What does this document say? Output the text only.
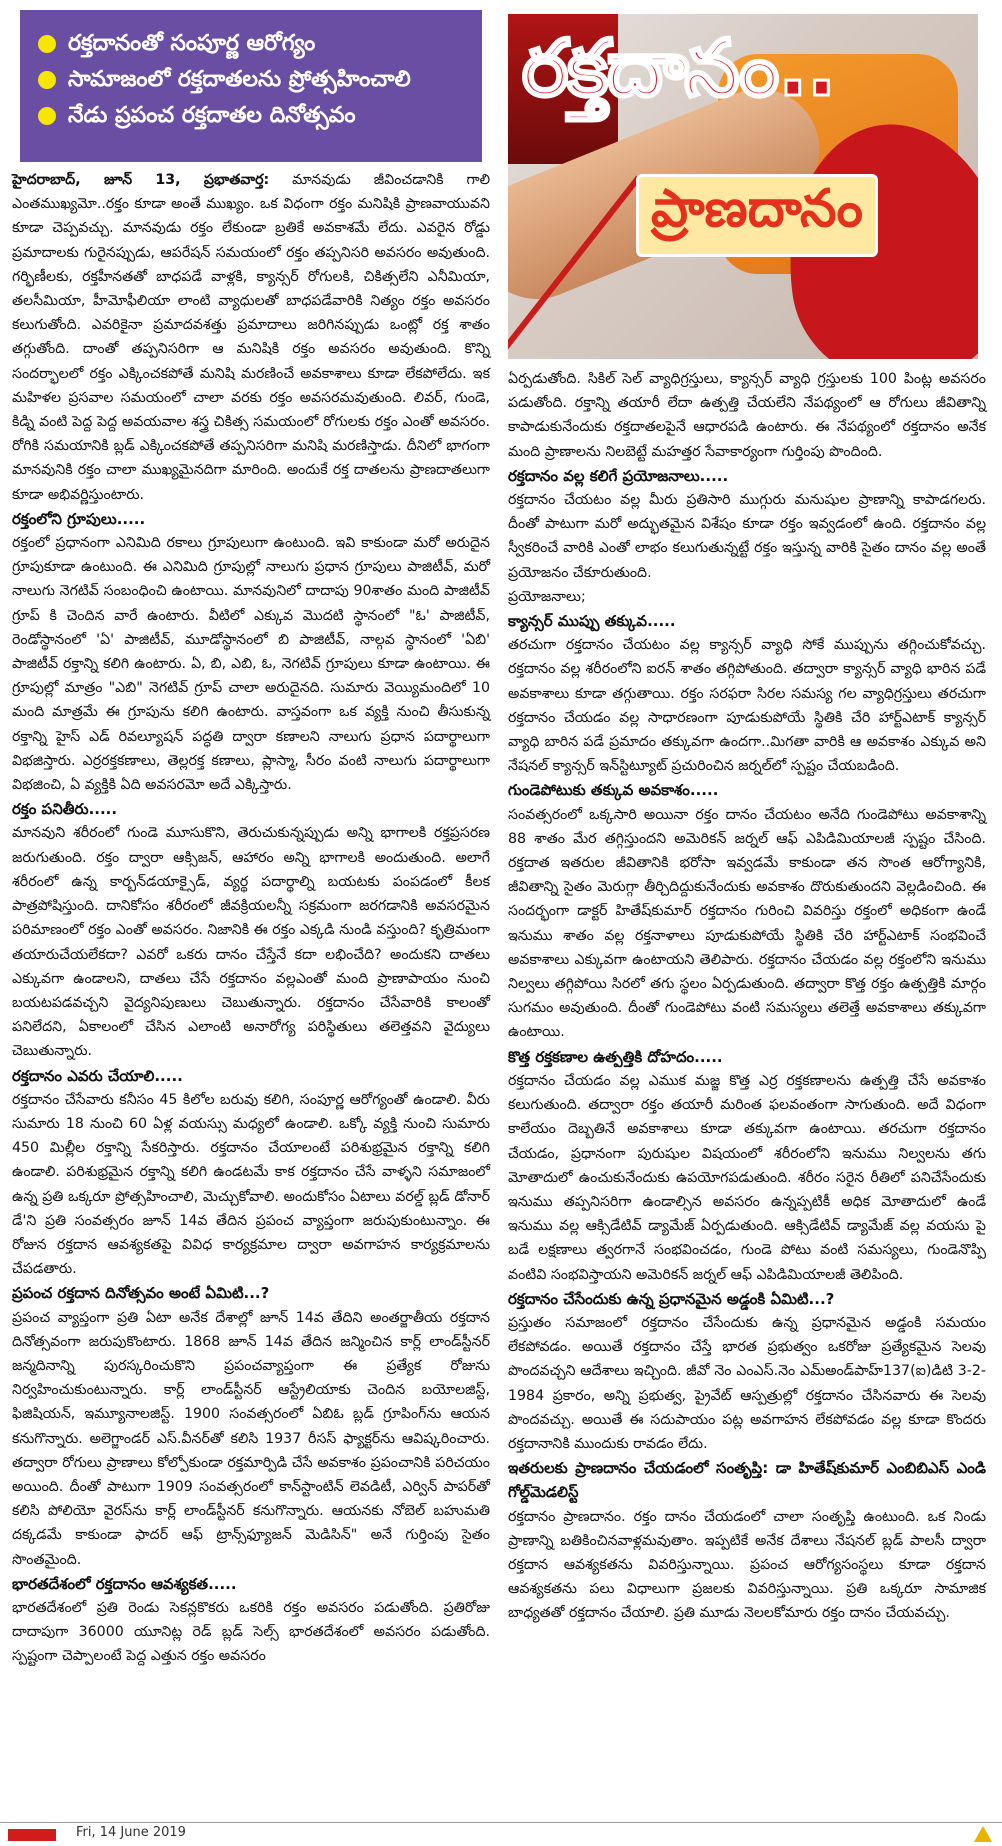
రక్తదానంతో సంపూర్ణ ఆరోగ్యం
సామాజంలో రక్తదాతలను ప్రోత్సహించాలి
నేడు ప్రపంచ రక్తదాతల దినోత్సవం

హైదరాబాద్, జూన్ 13, ప్రభాతవార్త: మానవుడు జీవించడానికి గాలి ఎంతముఖ్యమో..రక్తం కూడా అంతే ముఖ్యం. ఒక విధంగా రక్తం మనిషికి ప్రాణవాయువని కూడా చెప్పవచ్చు. మానవుడు రక్తం లేకుండా బ్రతికే అవకాశమే లేదు. ఎవరైన రోడ్డు ప్రమాదాలకు గురైనప్పుడు, ఆపరేషన్ సమయంలో రక్తం తప్పనిసరి అవసరం అవుతుంది. గర్భిణీలకు, రక్తహీనతతో బాధపడే వాళ్లకి, క్యాన్సర్ రోగులకి, చికిత్సలేని ఎనీమియా, తలసీమియా, హీమోఫీలియా లాంటి వ్యాధులతో బాధపడేవారికి నిత్యం రక్తం అవసరం కలుగుతోంది. ఎవరికైనా ప్రమాదవశత్తు ప్రమాదాలు జరిగినప్పుడు ఒంట్లో రక్త శాతం తగ్గుతోంది. దాంతో తప్పనిసరిగా ఆ మనిషికి రక్తం అవసరం అవుతుంది. కొన్ని సందర్భాలలో రక్తం ఎక్కించకపోతే మనిషి మరణించే అవకాశాలు కూడా లేకపోలేదు. ఇక మహిళల ప్రసవాల సమయంలో చాలా వరకు రక్తం అవసరమవుతుంది. లివర్, గుండె, కిడ్ని వంటి పెద్ద పెద్ద అవయవాల శస్త్ర చికిత్స సమయంలో రోగులకు రక్తం ఎంతో అవసరం. రోగికి సమయానికి బ్లడ్ ఎక్కించకపోతే తప్పనిసరిగా మనిషి మరణిస్తాడు. దీనిలో భాగంగా మానవునికి రక్తం చాలా ముఖ్యమైనదిగా మారింది. అందుకే రక్త దాతలను ప్రాణదాతలుగా కూడా అభివర్ణిస్తుంటారు.

రక్తంలోని గ్రూపులు.....

రక్తంలో ప్రధానంగా ఎనిమిది రకాలు గ్రూపులుగా ఉంటుంది. ఇవి కాకుండా మరో అరుదైన గ్రూపుకూడా ఉంటుంది. ఈ ఎనిమిది గ్రూపుల్లో నాలుగు ప్రధాన గ్రూపులు పాజిటీవ్, మరో నాలుగు నెగటివ్ సంబంధించి ఉంటాయి. మానవునిలో దాదాపు 90శాతం మంది పాజిటీవ్ గ్రూప్ కి చెందిన వారే ఉంటారు. వీటిలో ఎక్కువ మొదటి స్థానంలో "ఓ' పాజిటీవ్, రెండోస్థానంలో 'ఏ' పాజిటీవ్, మూడోస్థానంలో బి పాజిటీవ్, నాల్గవ స్థానంలో 'ఏబి' పాజిటీవ్ రక్తాన్ని కలిగి ఉంటారు. ఏ, బి, ఎబి, ఓ, నెగటివ్ గ్రూపులు కూడా ఉంటాయి. ఈ గ్రూపుల్లో మాత్రం "ఎబి" నెగటివ్ గ్రూప్ చాలా అరుదైనది. సుమారు వెయ్యిమందిలో 10 మంది మాత్రమే ఈ గ్రూపును కలిగి ఉంటారు. వాస్తవంగా ఒక వ్యక్తి నుంచి తీసుకున్న రక్తాన్ని హైస్ ఎడ్ రివల్యూషన్ పద్ధతి ద్వారా కణాలని నాలుగు ప్రధాన పదార్థాలుగా విభజిస్తారు. ఎర్రరక్తకణాలు, తెల్లరక్త కణాలు, ప్లాస్మా, సీరం వంటి నాలుగు పదార్థాలుగా విభజించి, ఏ వ్యక్తికి ఏది అవసరమో అదే ఎక్కిస్తారు.

రక్తం పనితీరు.....

మానవుని శరీరంలో గుండె మూసుకొని, తెరుచుకున్నప్పుడు అన్ని భాగాలకి రక్తప్రసరణ జరుగుతుంది. రక్తం ద్వారా ఆక్సిజన్, ఆహారం అన్ని భాగాలకి అందుతుంది. అలాగే శరీరంలో ఉన్న కార్బన్‌డయాక్సైడ్, వ్యర్థ పదార్థాల్ని బయటకు పంపడంలో కీలక పాత్రపోషిస్తుంది. దానికోసం శరీరంలో జీవక్రియలన్నీ సక్రమంగా జరగడానికి అవసరమైన పరిమాణంలో రక్తం ఎంతో అవసరం. నిజానికి ఈ రక్తం ఎక్కడి నుండి వస్తుంది? కృత్రిమంగా తయారుచేయలేకదా? ఎవరో ఒకరు దానం చేస్తేనే కదా లభించేది? అందుకని దాతలు ఎక్కువగా ఉండాలని, దాతలు చేసే రక్తదానం వల్లఎంతో మంది ప్రాణాపాయం నుంచి బయటపడవచ్చని వైద్యనిపుణులు చెబుతున్నారు. రక్తదానం చేసేవారికి కాలంతో పనిలేదని, ఏకాలంలో చేసిన ఎలాంటి అనారోగ్య పరిస్థితులు తలెత్తవని వైద్యులు చెబుతున్నారు.

రక్తదానం ఎవరు చేయాలి.....

రక్తదానం చేసేవారు కనీసం 45 కిలోల బరువు కలిగి, సంపూర్ణ ఆరోగ్యంతో ఉండాలి. వీరు సుమారు 18 నుంచి 60 ఏళ్ల వయస్సు మధ్యలో ఉండాలి. ఒక్కో వ్యక్తి నుంచి సుమారు 450 మిల్లీల రక్తాన్ని సేకరిస్తారు. రక్తదానం చేయాలంటే పరిశుభ్రమైన రక్తాన్ని కలిగి ఉండాలి. పరిశుభ్రమైన రక్తాన్ని కలిగి ఉండటమే కాక రక్తదానం చేసే వాళ్ళని సమాజంలో ఉన్న ప్రతి ఒక్కరూ ప్రోత్సహించాలి, మెచ్చుకోవాలి. అందుకోసం ఏటాలు వరల్డ్ బ్లడ్ డోనార్ డే'ని ప్రతి సంవత్సరం జూన్ 14వ తేదిన ప్రపంచ వ్యాప్తంగా జరుపుకుంటున్నాం. ఈ రోజున రక్తదాన ఆవశ్యకతపై వివిధ కార్యక్రమాల ద్వారా అవగాహన కార్యక్రమాలను చేపడతారు.

ప్రపంచ రక్తదాన దినోత్సవం అంటే ఏమిటి...?

ప్రపంచ వ్యాప్తంగా ప్రతి ఏటా అనేక దేశాల్లో జూన్ 14వ తేదిని అంతర్జాతీయ రక్తదాన దినోత్సవంగా జరుపుకొంటారు. 1868 జూన్ 14వ తేదిన జన్మించిన కార్ల్ లాండ్‌స్టీనర్ జన్మదినాన్ని పురస్కరించుకొని ప్రపంచవ్యాప్తంగా ఈ ప్రత్యేక రోజును నిర్వహించుకుంటున్నారు. కార్ల్ లాండ్‌స్టీనర్ ఆస్ట్రేలియాకు చెందిన బయోలజిస్ట్, ఫిజిషియన్, ఇమ్యూనాలజిస్ట్. 1900 సంవత్సరంలో ఏబిఓ బ్లడ్ గ్రూపింగ్‌ను ఆయన కనుగొన్నారు. అలెగ్జాండర్ ఎస్.వీనర్‌తో కలిసి 1937 రీసస్ ఫ్యాక్టర్‌ను ఆవిష్కరించారు. తద్వారా రోగులు ప్రాణాలు కోల్పోకుండా రక్తమార్పిడి చేసే అవకాశం ప్రపంచానికి పరిచయం అయింది. దీంతో పాటుగా 1909 సంవత్సరంలో కాన్‌స్టాంటిన్ లెవడిటీ, ఎర్విన్ పాపర్‌తో కలిసి పోలియో వైరస్‌ను కార్ల్ లాండ్‌స్టీనర్ కనుగొన్నారు. ఆయనకు నోబెల్ బహుమతి దక్కడమే కాకుండా ఫాదర్ ఆఫ్ ట్రాన్స్‌ఫ్యూజన్ మెడిసిన్" అనే గుర్తింపు సైతం సొంతమైంది.

భారతదేశంలో రక్తదానం ఆవశ్యకత.....

భారతదేశంలో ప్రతి రెండు సెకన్లకొకరు ఒకరికి రక్తం అవసరం పడుతోంది. ప్రతిరోజు దాదాపుగా 36000 యూనిట్ల రెడ్ బ్లడ్ సెల్స్ భారతదేశంలో అవసరం పడుతోంది. స్పష్టంగా చెప్పాలంటే పెద్ద ఎత్తున రక్తం అవసరం

రక్తదానం..
ప్రాణదానం

ఏర్పడుతోంది. సికిల్ సెల్ వ్యాధిగ్రస్తులు, క్యాన్సర్ వ్యాధి గ్రస్తులకు 100 పింట్ల అవసరం పడుతోంది. రక్తాన్ని తయారీ లేదా ఉత్పత్తి చేయలేని నేపథ్యంలో ఆ రోగులు జీవితాన్ని కాపాడుకునేందుకు రక్తదాతలపైనే ఆధారపడి ఉంటారు. ఈ నేపథ్యంలో రక్తదానం అనేక మంది ప్రాణాలను నిలబెట్టే మహత్తర సేవాకార్యంగా గుర్తింపు పొందింది.

రక్తదానం వల్ల కలిగే ప్రయోజనాలు.....

రక్తదానం చేయటం వల్ల మీరు ప్రతిసారి ముగ్గురు మనుషుల ప్రాణాన్ని కాపాడగలరు. దీంతో పాటుగా మరో అద్భుతమైన విశేషం కూడా రక్తం ఇవ్వడంలో ఉంది. రక్తదానం వల్ల స్వీకరించే వారికి ఎంతో లాభం కలుగుతున్నట్టే రక్తం ఇస్తున్న వారికి సైతం దానం వల్ల అంతే ప్రయోజనం చేకూరుతుంది.

ప్రయోజనాలు;

క్యాన్సర్ ముప్పు తక్కువ.....

తరచుగా రక్తదానం చేయటం వల్ల క్యాన్సర్ వ్యాధి సోకే ముప్పును తగ్గించుకోవచ్చు. రక్తదానం వల్ల శరీరంలోని ఐరన్ శాతం తగ్గిపోతుంది. తద్వారా క్యాన్సర్ వ్యాధి భారిన పడే అవకాశాలు కూడా తగ్గుతాయి. రక్తం సరఫరా సిరల సమస్య గల వ్యాధిగ్రస్తులు తరచుగా రక్తదానం చేయడం వల్ల సాధారణంగా పూడుకుపోయే స్థితికి చేరి హార్ట్‌ఎటాక్ క్యాన్సర్ వ్యాధి బారిన పడే ప్రమాదం తక్కువగా ఉందగా..మిగతా వారికి ఆ అవకాశం ఎక్కువ అని నేషనల్ క్యాన్సర్ ఇన్‌స్టిట్యూట్ ప్రచురించిన జర్నల్‌లో స్పష్టం చేయబడింది.

గుండెపోటుకు తక్కువ అవకాశం.....

సంవత్సరంలో ఒక్కసారి అయినా రక్తం దానం చేయటం అనేది గుండెపోటు అవకాశాన్ని 88 శాతం మేర తగ్గిస్తుందని అమెరికన్ జర్నల్ ఆఫ్ ఎపిడిమియాలజీ స్పష్టం చేసింది. రక్తదాత ఇతరుల జీవితానికి భరోసా ఇవ్వడమే కాకుండా తన సొంత ఆరోగ్యానికి, జీవితాన్ని సైతం మెరుగ్గా తీర్చిదిద్దుకునేందుకు అవకాశం దొరుకుతుందని వెల్లడించింది. ఈ సందర్భంగా డాక్టర్ హితేష్‌కుమార్ రక్తదానం గురించి వివరిస్తు రక్తంలో అధికంగా ఉండే ఇనుము శాతం వల్ల రక్తనాళాలు పూడుకుపోయే స్థితికి చేరి హార్ట్‌ఎటాక్ సంభవించే అవకాశాలు ఎక్కువగా ఉంటాయని తెలిపారు. రక్తదానం చేయడం వల్ల రక్తంలోని ఇనుము నిల్వలు తగ్గిపోయి సిరలో తగు స్థలం ఏర్పడుతుంది. తద్వారా కొత్త రక్తం ఉత్పత్తికి మార్గం సుగమం అవుతుంది. దీంతో గుండెపోటు వంటి సమస్యలు తలెత్తే అవకాశాలు తక్కువగా ఉంటాయి.

కొత్త రక్తకణాల ఉత్పత్తికి దోహదం.....

రక్తదానం చేయడం వల్ల ఎముక మజ్జ కొత్త ఎర్ర రక్తకణాలను ఉత్పత్తి చేసే అవకాశం కలుగుతుంది. తద్వారా రక్తం తయారీ మరింత ఫలవంతంగా సాగుతుంది. అదే విధంగా కాలేయం దెబ్బతినే అవకాశాలు కూడా తక్కువగా ఉంటాయి. తరచుగా రక్తదానం చేయడం, ప్రధానంగా పురుషుల విషయంలో శరీరంలోని ఇనుము నిల్వలను తగు మోతాదులో ఉంచుకునేందుకు ఉపయోగపడుతుంది. శరీరం సరైన రీతిలో పనిచేసేందుకు ఇనుము తప్పనిసరిగా ఉండాల్సిన అవసరం ఉన్నప్పటికీ అధిక మోతాదులో ఉండే ఇనుము వల్ల ఆక్సిడేటివ్ డ్యామేజ్ ఏర్పడుతుంది. ఆక్సిడేటివ్ డ్యామేజ్ వల్ల వయసు పై బడే లక్షణాలు త్వరగానే సంభవించడం, గుండె పోటు వంటి సమస్యలు, గుండెనొప్పి వంటివి సంభవిస్తాయని అమెరికన్ జర్నల్ ఆఫ్ ఎపిడిమియాలజీ తెలిపింది.

రక్తదానం చేసేందుకు ఉన్న ప్రధానమైన అడ్డంకి ఏమిటి...?

ప్రస్తుతం సమాజంలో రక్తదానం చేసేందుకు ఉన్న ప్రధానమైన అడ్డంకి సమయం లేకపోవడం. అయితే రక్తదానం చేస్తే భారత ప్రభుత్వం ఒకరోజు ప్రత్యేకమైన సెలవు పొందవచ్చని ఆదేశాలు ఇచ్చింది. జీవో నెం ఎంఎస్.నెం ఎమ్‌అండ్‌పాహ్137(ఐ)డిటి 3-2-1984 ప్రకారం, అన్ని ప్రభుత్వ, ప్రైవేట్ ఆస్పత్రుల్లో రక్తదానం చేసినవారు ఈ సెలవు పొందవచ్చు. అయితే ఈ సదుపాయం పట్ల అవగాహన లేకపోవడం వల్ల కూడా కొందరు రక్తదానానికి ముందుకు రావడం లేదు.

ఇతరులకు ప్రాణదానం చేయడంలో సంతృప్తి: డా హితేష్‌కుమార్ ఎంబిబిఎస్ ఎండి గోల్డ్‌మెడలిస్ట్

రక్తదానం ప్రాణదానం. రక్తం దానం చేయడంలో చాలా సంతృప్తి ఉంటుంది. ఒక నిండు ప్రాణాన్ని బతికించినవాళ్లమవుతాం. ఇప్పటికే అనేక దేశాలు నేషనల్ బ్లడ్ పాలసీ ద్వారా రక్తదాన ఆవశ్యకతను వివరిస్తున్నాయి. ప్రపంచ ఆరోగ్యసంస్థలు కూడా రక్తదాన ఆవశ్యకతను పలు విధాలుగా ప్రజలకు వివరిస్తున్నాయి. ప్రతి ఒక్కరూ సామాజిక బాధ్యతతో రక్తదానం చేయాలి. ప్రతి మూడు నెలలకోమారు రక్తం దానం చేయవచ్చు.

Fri, 14 June 2019
